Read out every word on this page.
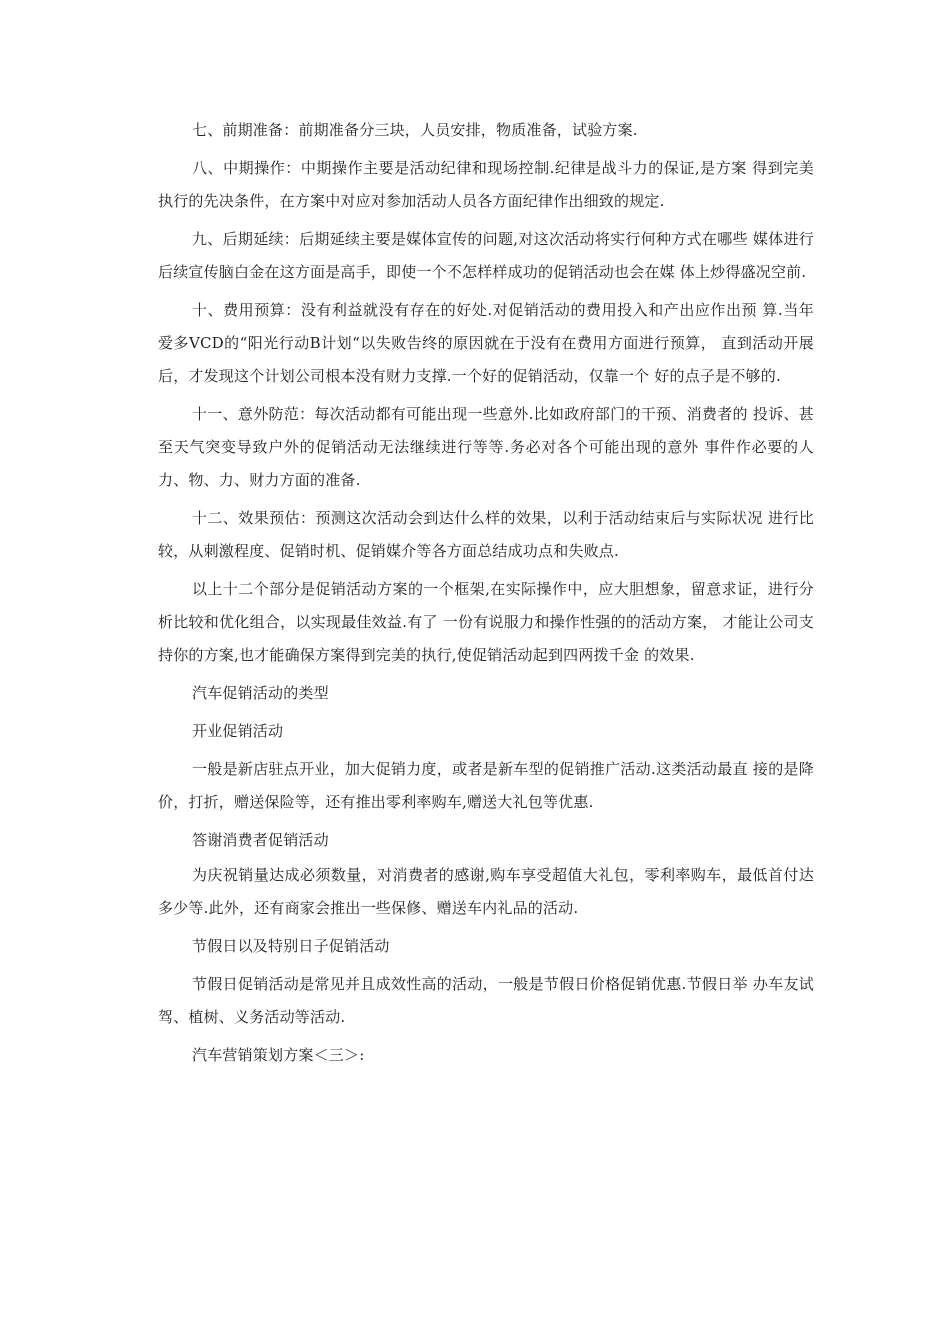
七、前期准备：前期准备分三块，人员安排，物质准备，试验方案.

八、中期操作：中期操作主要是活动纪律和现场控制.纪律是战斗力的保证,是方案 得到完美执行的先决条件，在方案中对应对参加活动人员各方面纪律作出细致的规定.

九、后期延续：后期延续主要是媒体宣传的问题,对这次活动将实行何种方式在哪些 媒体进行后续宣传脑白金在这方面是高手，即使一个不怎样样成功的促销活动也会在媒 体上炒得盛况空前.

十、费用预算：没有利益就没有存在的好处.对促销活动的费用投入和产出应作出预 算.当年爱多VCD的“阳光行动B计划“以失败告终的原因就在于没有在费用方面进行预算， 直到活动开展后，才发现这个计划公司根本没有财力支撑.一个好的促销活动，仅靠一个 好的点子是不够的.

十一、意外防范：每次活动都有可能出现一些意外.比如政府部门的干预、消费者的 投诉、甚至天气突变导致户外的促销活动无法继续进行等等.务必对各个可能出现的意外 事件作必要的人力、物、力、财力方面的准备.

十二、效果预估：预测这次活动会到达什么样的效果，以利于活动结束后与实际状况 进行比较，从刺激程度、促销时机、促销媒介等各方面总结成功点和失败点.

以上十二个部分是促销活动方案的一个框架,在实际操作中，应大胆想象，留意求证，进行分析比较和优化组合，以实现最佳效益.有了 一份有说服力和操作性强的的活动方案， 才能让公司支持你的方案,也才能确保方案得到完美的执行,使促销活动起到四两拨千金 的效果.

汽车促销活动的类型

开业促销活动

一般是新店驻点开业，加大促销力度，或者是新车型的促销推广活动.这类活动最直 接的是降价，打折，赠送保险等，还有推出零利率购车,赠送大礼包等优惠.

答谢消费者促销活动

为庆祝销量达成必须数量，对消费者的感谢,购车享受超值大礼包，零利率购车，最低首付达多少等.此外，还有商家会推出一些保修、赠送车内礼品的活动.

节假日以及特别日子促销活动

节假日促销活动是常见并且成效性高的活动，一般是节假日价格促销优惠.节假日举 办车友试驾、植树、义务活动等活动.

汽车营销策划方案＜三＞:
